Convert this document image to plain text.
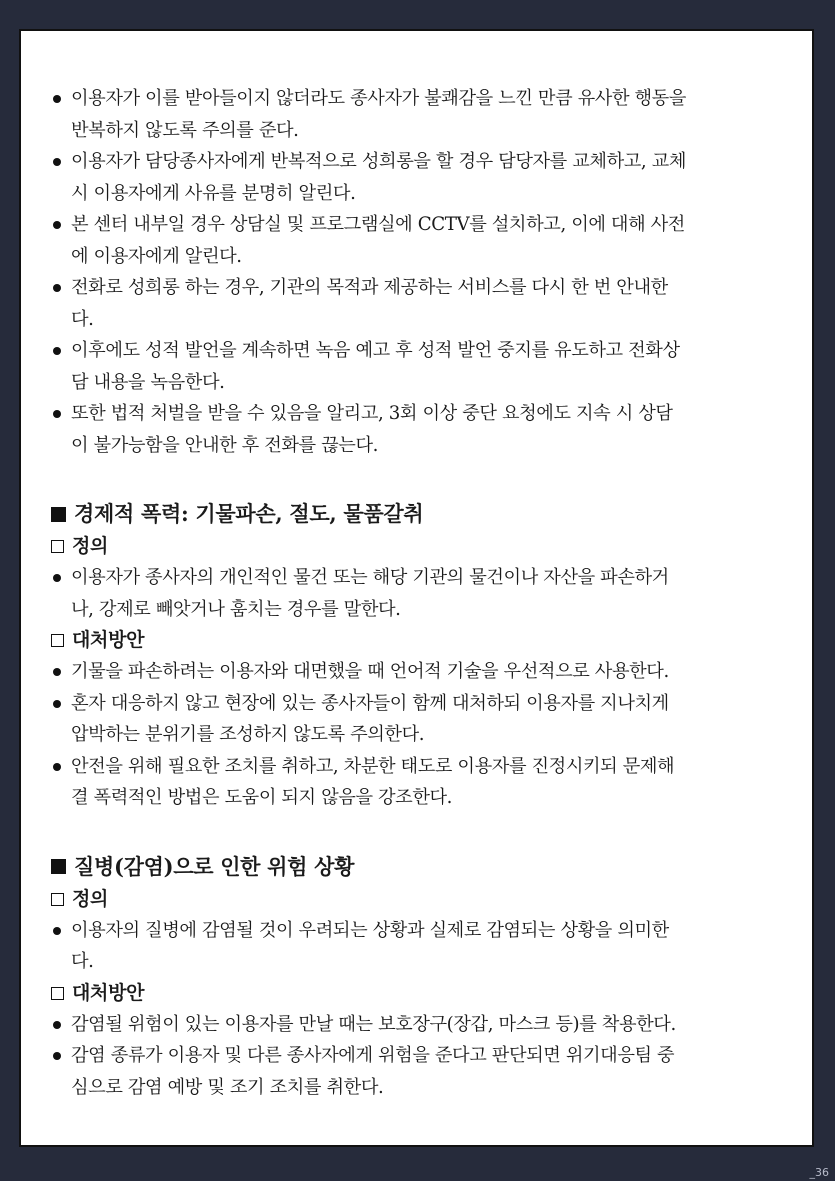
이용자가 이를 받아들이지 않더라도 종사자가 불쾌감을 느낀 만큼 유사한 행동을
반복하지 않도록 주의를 준다.
이용자가 담당종사자에게 반복적으로 성희롱을 할 경우 담당자를 교체하고, 교체
시 이용자에게 사유를 분명히 알린다.
본 센터 내부일 경우 상담실 및 프로그램실에 CCTV를 설치하고, 이에 대해 사전
에 이용자에게 알린다.
전화로 성희롱 하는 경우, 기관의 목적과 제공하는 서비스를 다시 한 번 안내한
다.
이후에도 성적 발언을 계속하면 녹음 예고 후 성적 발언 중지를 유도하고 전화상
담 내용을 녹음한다.
또한 법적 처벌을 받을 수 있음을 알리고, 3회 이상 중단 요청에도 지속 시 상담
이 불가능함을 안내한 후 전화를 끊는다.
경제적 폭력: 기물파손, 절도, 물품갈취
정의
이용자가 종사자의 개인적인 물건 또는 해당 기관의 물건이나 자산을 파손하거
나, 강제로 빼앗거나 훔치는 경우를 말한다.
대처방안
기물을 파손하려는 이용자와 대면했을 때 언어적 기술을 우선적으로 사용한다.
혼자 대응하지 않고 현장에 있는 종사자들이 함께 대처하되 이용자를 지나치게
압박하는 분위기를 조성하지 않도록 주의한다.
안전을 위해 필요한 조치를 취하고, 차분한 태도로 이용자를 진정시키되 문제해
결 폭력적인 방법은 도움이 되지 않음을 강조한다.
질병(감염)으로 인한 위험 상황
정의
이용자의 질병에 감염될 것이 우려되는 상황과 실제로 감염되는 상황을 의미한
다.
대처방안
감염될 위험이 있는 이용자를 만날 때는 보호장구(장갑, 마스크 등)를 착용한다.
감염 종류가 이용자 및 다른 종사자에게 위험을 준다고 판단되면 위기대응팀 중
심으로 감염 예방 및 조기 조치를 취한다.
_36
